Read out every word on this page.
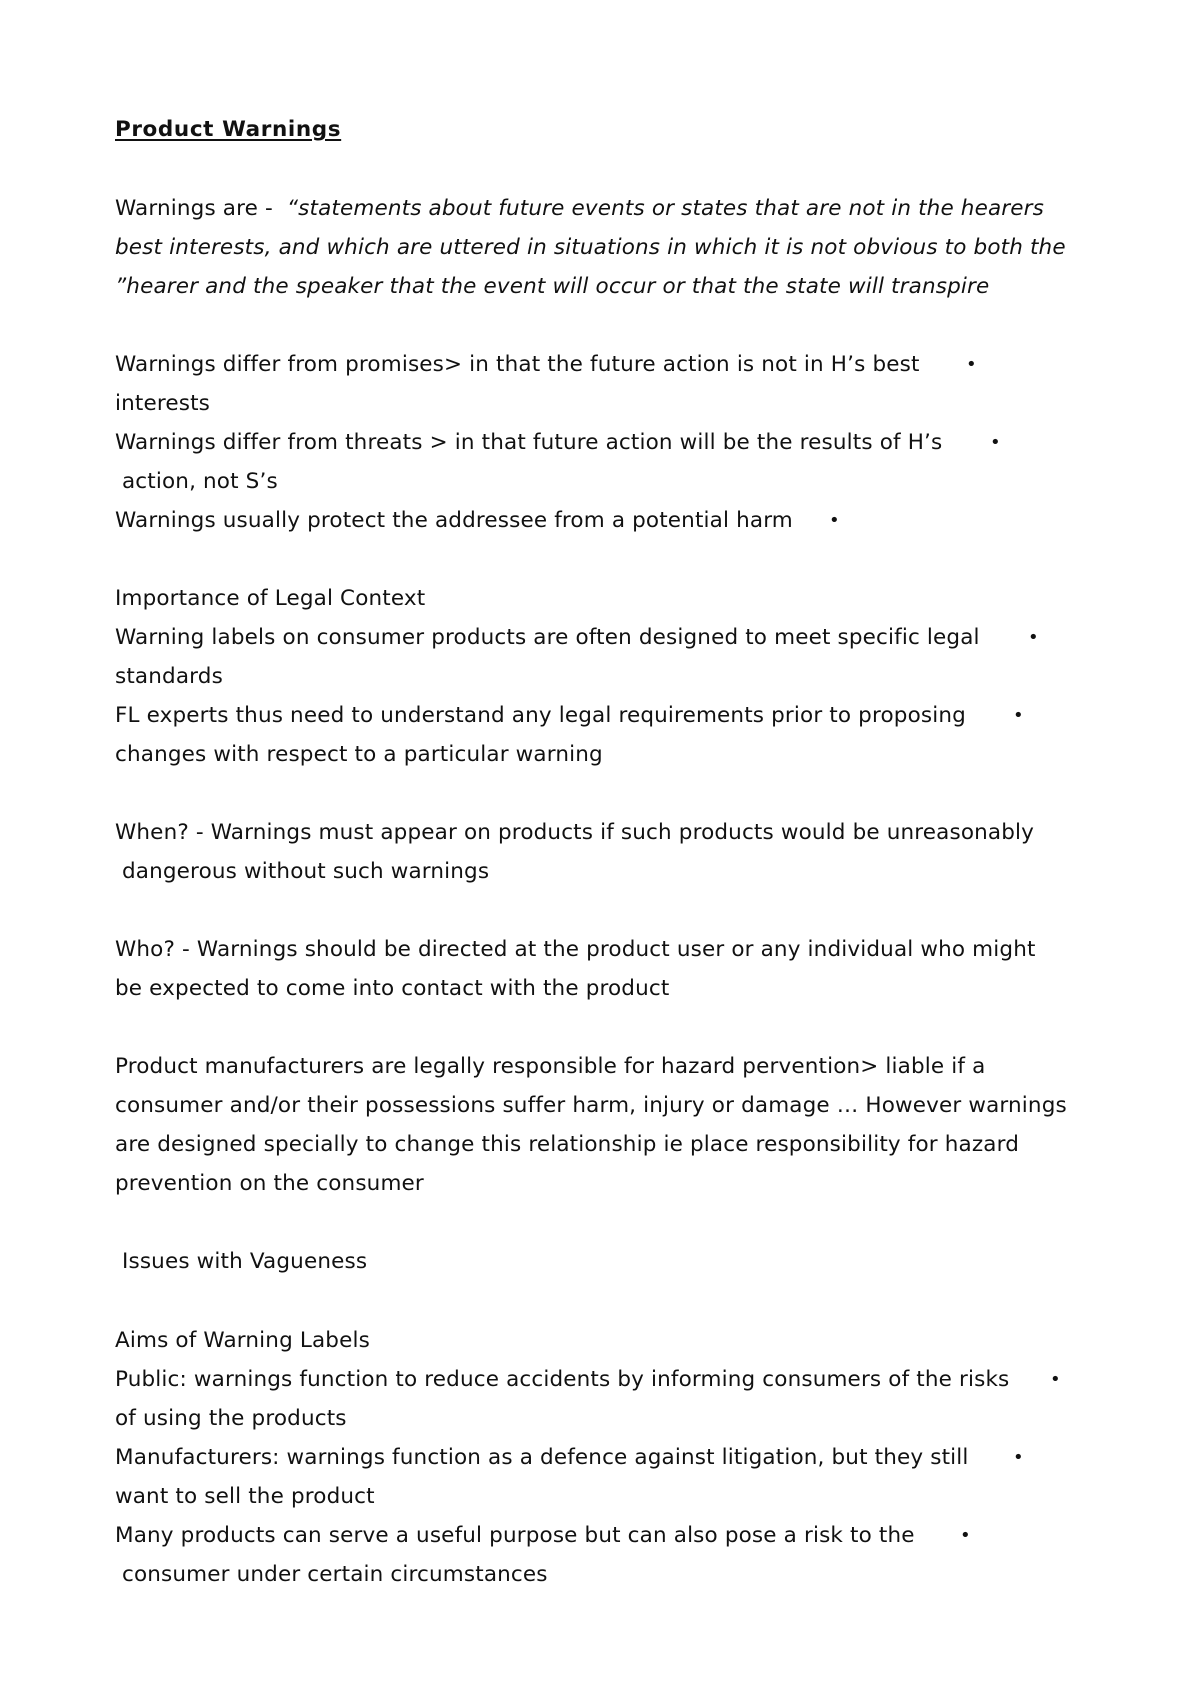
Product Warnings
Warnings are -  “statements about future events or states that are not in the hearers
best interests, and which are uttered in situations in which it is not obvious to both the
”hearer and the speaker that the event will occur or that the state will transpire
Warnings differ from promises> in that the future action is not in H’s best	•
interests
Warnings differ from threats > in that future action will be the results of H’s	•
action, not S’s
Warnings usually protect the addressee from a potential harm •
Importance of Legal Context
Warning labels on consumer products are often designed to meet specific legal	•
standards
FL experts thus need to understand any legal requirements prior to proposing	•
changes with respect to a particular warning
When? - Warnings must appear on products if such products would be unreasonably
dangerous without such warnings
Who? - Warnings should be directed at the product user or any individual who might
be expected to come into contact with the product
Product manufacturers are legally responsible for hazard pervention> liable if a
consumer and/or their possessions suffer harm, injury or damage … However warnings
are designed specially to change this relationship ie place responsibility for hazard
prevention on the consumer
Issues with Vagueness
Aims of Warning Labels
Public: warnings function to reduce accidents by informing consumers of the risks •
of using the products
Manufacturers: warnings function as a defence against litigation, but they still •
want to sell the product
Many products can serve a useful purpose but can also pose a risk to the	•
consumer under certain circumstances
